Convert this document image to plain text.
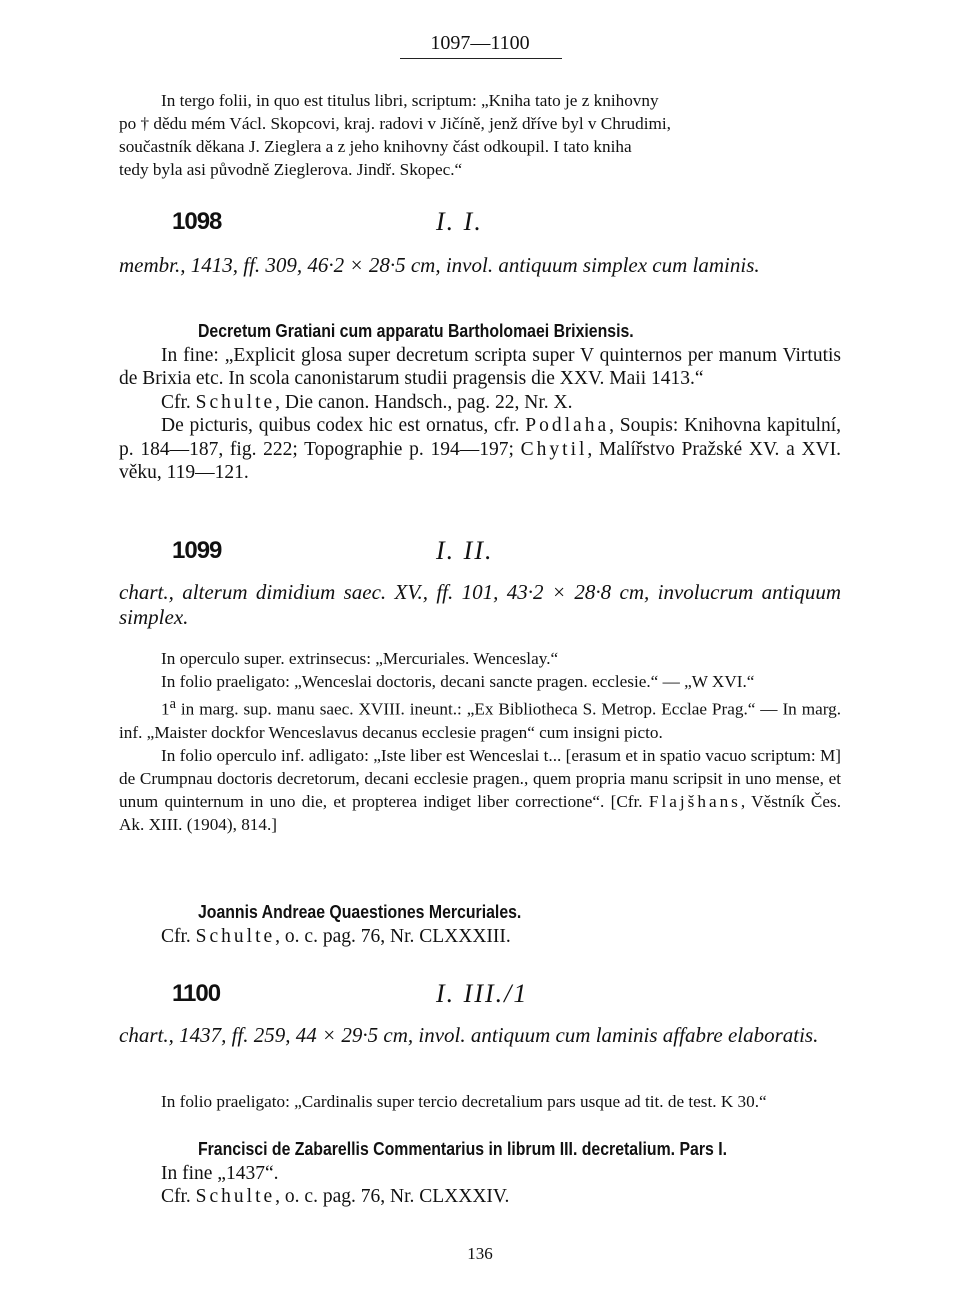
1097—1100
In tergo folii, in quo est titulus libri, scriptum: „Kniha tato je z knihovny
po † dědu mém Václ. Skopcovi, kraj. radovi v Jičíně, jenž dříve byl v Chrudimi,
součastník děkana J. Zieglera a z jeho knihovny část odkoupil. I tato kniha
tedy byla asi původně Zieglerova. Jindř. Skopec.“
1098	I. I.
membr., 1413, ff. 309, 46·2 × 28·5 cm, invol. antiquum simplex cum laminis.

Decretum Gratiani cum apparatu Bartholomaei Brixiensis.

In fine: „Explicit glosa super decretum scripta super V quinternos per manum Virtutis de Brixia etc. In scola canonistarum studii pragensis die XXV. Maii 1413.“

Cfr. Schulte, Die canon. Handsch., pag. 22, Nr. X.

De picturis, quibus codex hic est ornatus, cfr. Podlaha, Soupis: Knihovna kapitulní, p. 184—187, fig. 222; Topographie p. 194—197; Chytil, Malířstvo Pražské XV. a XVI. věku, 119—121.

1099	I. II.
chart., alterum dimidium saec. XV., ff. 101, 43·2 × 28·8 cm, involucrum antiquum simplex.

In operculo super. extrinsecus: „Mercuriales. Wenceslay.“

In folio praeligato: „Wenceslai doctoris, decani sancte pragen. ecclesie.“ — „W XVI.“

1$^a$ in marg. sup. manu saec. XVIII. ineunt.: „Ex Bibliotheca S. Metrop. Ecclae Prag.“ — In marg. inf. „Maister dockfor Wenceslavus decanus ecclesie pragen“ cum insigni picto.

In folio operculo inf. adligato: „Iste liber est Wenceslai t... [erasum et in spatio vacuo scriptum: M] de Crumpnau doctoris decretorum, decani ecclesie pragen., quem propria manu scripsit in uno mense, et unum quinternum in uno die, et propterea indiget liber correctione“. [Cfr. Flajšhans, Věstník Čes. Ak. XIII. (1904), 814.]

Joannis Andreae Quaestiones Mercuriales.

Cfr. Schulte, o. c. pag. 76, Nr. CLXXXIII.

1100	I. III./1
chart., 1437, ff. 259, 44 × 29·5 cm, invol. antiquum cum laminis affabre elaboratis.

In folio praeligato: „Cardinalis super tercio decretalium pars usque ad tit. de test. K 30.“

Francisci de Zabarellis Commentarius in librum III. decretalium. Pars I.

In fine „1437“.

Cfr. Schulte, o. c. pag. 76, Nr. CLXXXIV.

136
